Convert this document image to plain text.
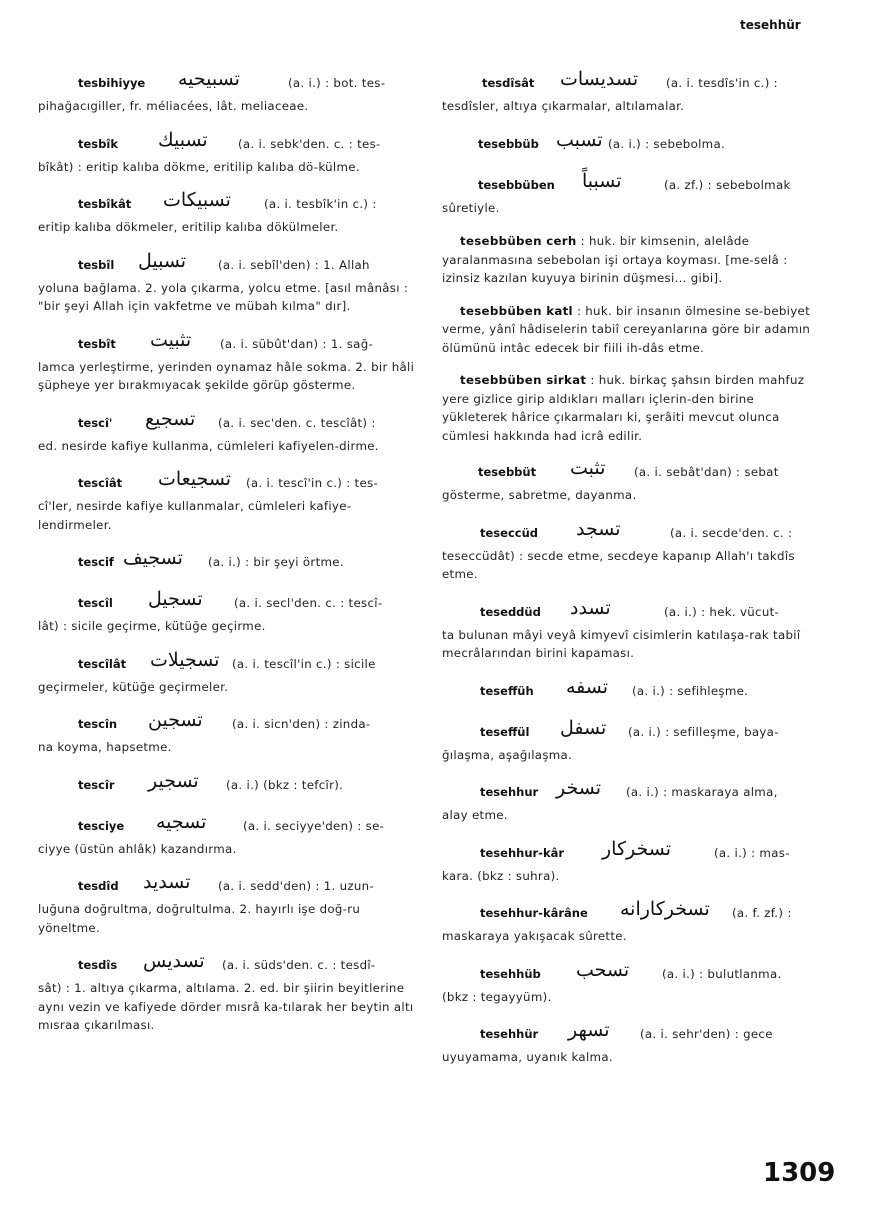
tesehhür
tesbihiyye تسبيحيه	(a. i.) : bot. tes-
pihağacıgiller, fr. méliacées, lât. meliaceae.
tesbîk تسبيك	(a. i. sebk'den. c. : tes-
bîkât) : eritip kalıba dökme, eritilip kalıba dö-külme.
tesbîkât تسبيكات	(a. i. tesbîk'in c.) :
eritip kalıba dökmeler, eritilip kalıba dökülmeler.
tesbîl تسبيل	(a. i. sebîl'den) : 1. Allah
yoluna bağlama. 2. yola çıkarma, yolcu etme. [asıl mânâsı : "bir şeyi Allah için vakfetme ve mübah kılma" dır].
tesbît تثبيت (a. i. sübût'dan) : 1. sağ-
lamca yerleştirme, yerinden oynamaz hâle sokma. 2. bir hâli şüpheye yer bırakmıyacak şekilde görüp gösterme.
tescî' تسجيع (a. i. sec'den. c. tescîât) :
ed. nesirde kafiye kullanma, cümleleri kafiyelen-dirme.
tescîât تسجيعات (a. i. tescî'in c.) : tes-
cî'ler, nesirde kafiye kullanmalar, cümleleri kafiye-lendirmeler.
tescif تسجيف (a. i.) : bir şeyi örtme.
tescîl تسجيل	(a. i. secl'den. c. : tescî-
lât) : sicile geçirme, kütüğe geçirme.
tescîlât تسجيلات (a. i. tescîl'in c.) : sicile
geçirmeler, kütüğe geçirmeler.
tescîn تسجين (a. i. sicn'den) : zinda-
na koyma, hapsetme.
tescîr تسجير (a. i.) (bkz : tefcîr).
tesciye تسجيه	(a. i. seciyye'den) : se-
ciyye (üstün ahlâk) kazandırma.
tesdîd تسديد (a. i. sedd'den) : 1. uzun-
luğuna doğrultma, doğrultulma. 2. hayırlı işe doğ-ru yöneltme.
tesdîs تسديس (a. i. süds'den. c. : tesdî-
sât) : 1. altıya çıkarma, altılama. 2. ed. bir şiirin beyitlerine aynı vezin ve kafiyede dörder mısrâ ka-tılarak her beytin altı mısraa çıkarılması.
tesdîsât تسديسات (a. i. tesdîs'in c.) :
tesdîsler, altıya çıkarmalar, altılamalar.
tesebbüb تسبب (a. i.) : sebebolma.
tesebbüben تسبباً	(a. zf.) : sebebolmak
sûretiyle.
tesebbüben cerh : huk. bir kimsenin, alelâde yaralanmasına sebebolan işi ortaya koyması. [me-selâ : izinsiz kazılan kuyuya birinin düşmesi... gibi].
tesebbüben katl : huk. bir insanın ölmesine se-bebiyet verme, yânî hâdiselerin tabiî cereyanlarına göre bir adamın ölümünü intâc edecek bir fiili ih-dâs etme.
tesebbüben sirkat : huk. birkaç şahsın birden mahfuz yere gizlice girip aldıkları malları içlerin-den birine yükleterek hârice çıkarmaları ki, şerâiti mevcut olunca cümlesi hakkında had icrâ edilir.
tesebbüt تثبت (a. i. sebât'dan) : sebat
gösterme, sabretme, dayanma.
teseccüd تسجد	(a. i. secde'den. c. :
teseccüdât) : secde etme, secdeye kapanıp Allah'ı takdîs etme.
teseddüd تسدد	(a. i.) : hek. vücut-
ta bulunan mâyi veyâ kimyevî cisimlerin katılaşa-rak tabiî mecrâlarından birini kapaması.
teseffüh تسفه (a. i.) : sefihleşme.
teseffül تسفل (a. i.) : sefilleşme, baya-
ğılaşma, aşağılaşma.
tesehhur تسخر (a. i.) : maskaraya alma,
alay etme.
tesehhur-kâr تسخركار	(a. i.) : mas-
kara. (bkz : suhra).
tesehhur-kârâne تسخركارانه (a. f. zf.) :
maskaraya yakışacak sûrette.
tesehhüb تسحب	(a. i.) : bulutlanma.
(bkz : tegayyüm).
tesehhür تسهر	(a. i. sehr'den) : gece
uyuyamama, uyanık kalma.
1309
